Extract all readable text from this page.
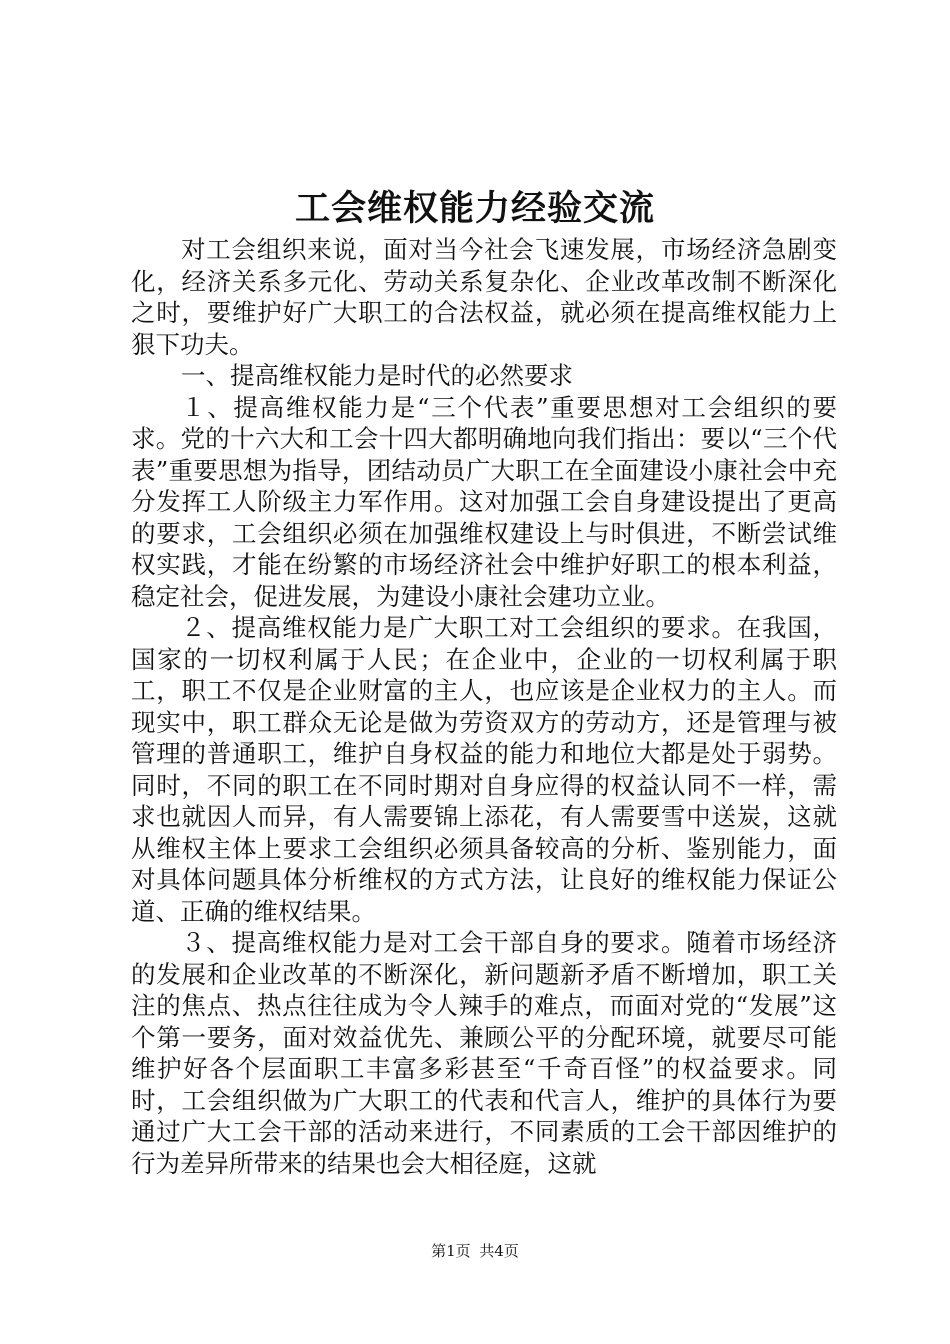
工会维权能力经验交流

对工会组织来说，面对当今社会飞速发展，市场经济急剧变化，经济关系多元化、劳动关系复杂化、企业改革改制不断深化之时，要维护好广大职工的合法权益，就必须在提高维权能力上狠下功夫。

一、提高维权能力是时代的必然要求

１、提高维权能力是“三个代表”重要思想对工会组织的要求。党的十六大和工会十四大都明确地向我们指出：要以“三个代表”重要思想为指导，团结动员广大职工在全面建设小康社会中充分发挥工人阶级主力军作用。这对加强工会自身建设提出了更高的要求，工会组织必须在加强维权建设上与时俱进，不断尝试维权实践，才能在纷繁的市场经济社会中维护好职工的根本利益，稳定社会，促进发展，为建设小康社会建功立业。

２、提高维权能力是广大职工对工会组织的要求。在我国，国家的一切权利属于人民；在企业中，企业的一切权利属于职工，职工不仅是企业财富的主人，也应该是企业权力的主人。而现实中，职工群众无论是做为劳资双方的劳动方，还是管理与被管理的普通职工，维护自身权益的能力和地位大都是处于弱势。同时，不同的职工在不同时期对自身应得的权益认同不一样，需求也就因人而异，有人需要锦上添花，有人需要雪中送炭，这就从维权主体上要求工会组织必须具备较高的分析、鉴别能力，面对具体问题具体分析维权的方式方法，让良好的维权能力保证公道、正确的维权结果。

３、提高维权能力是对工会干部自身的要求。随着市场经济的发展和企业改革的不断深化，新问题新矛盾不断增加，职工关注的焦点、热点往往成为令人辣手的难点，而面对党的“发展”这个第一要务，面对效益优先、兼顾公平的分配环境，就要尽可能维护好各个层面职工丰富多彩甚至“千奇百怪”的权益要求。同时，工会组织做为广大职工的代表和代言人，维护的具体行为要通过广大工会干部的活动来进行，不同素质的工会干部因维护的行为差异所带来的结果也会大相径庭，这就

第1页 共4页
